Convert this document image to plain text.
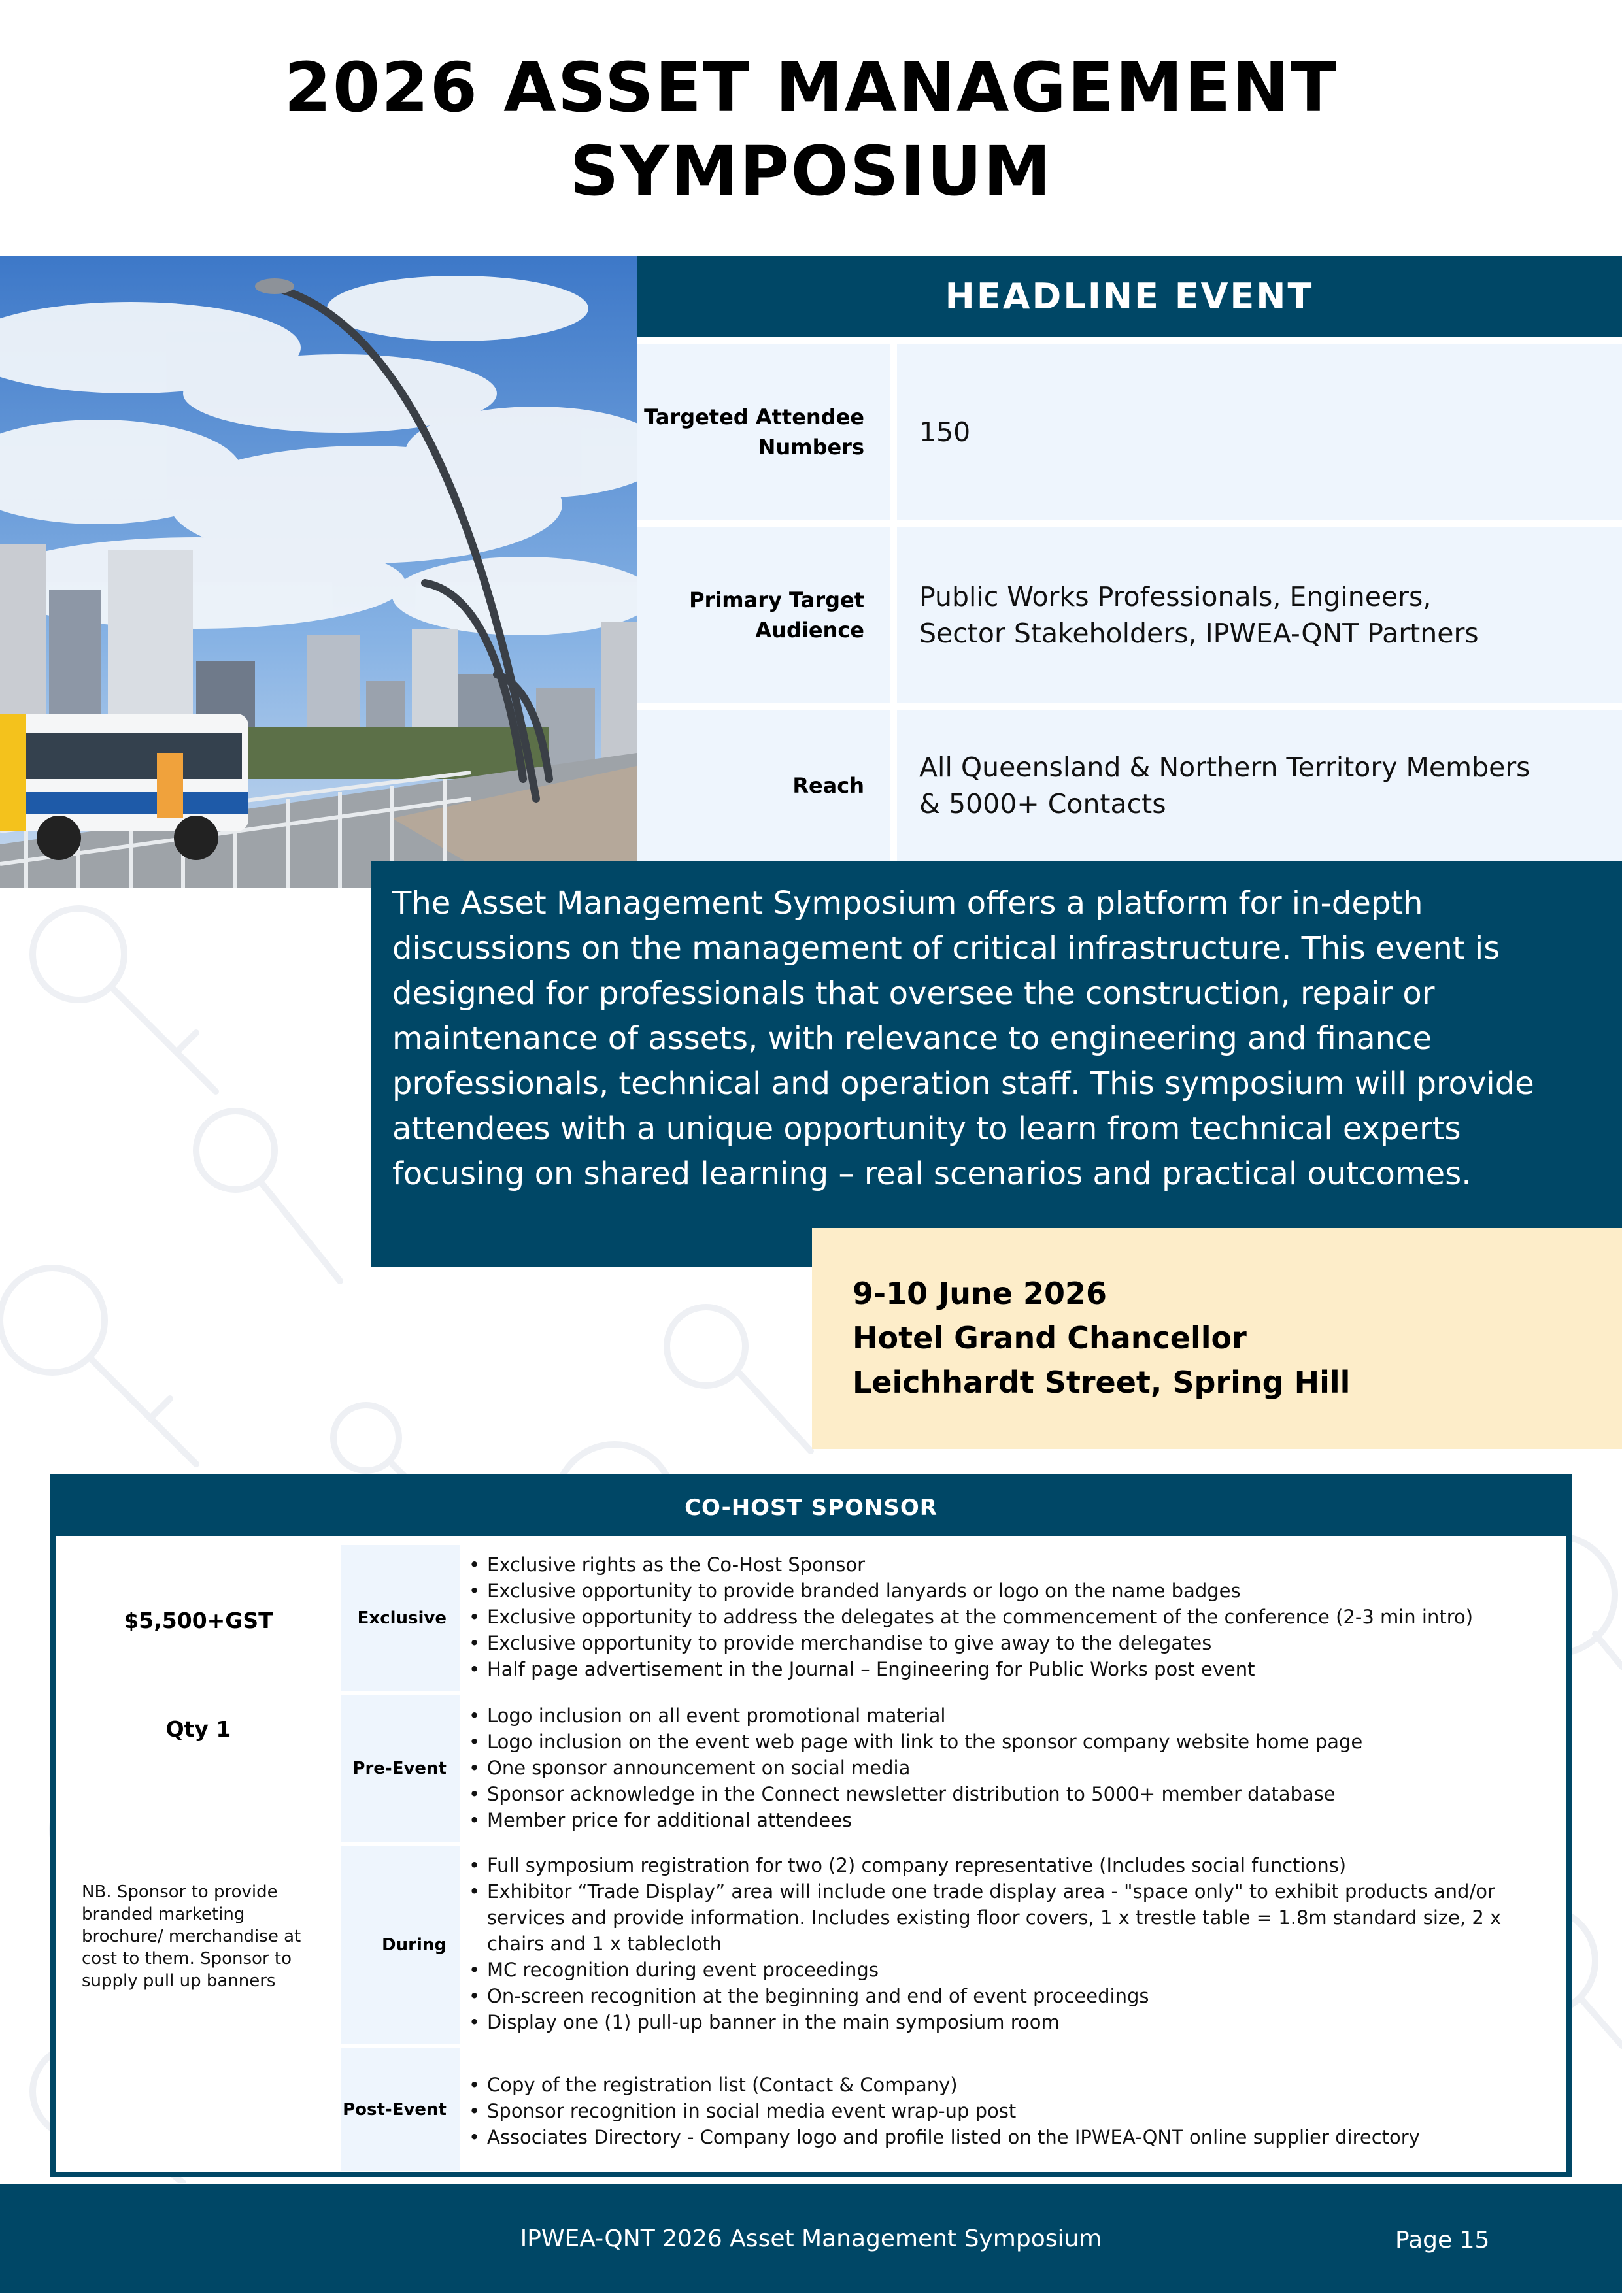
2026 ASSET MANAGEMENT
SYMPOSIUM
HEADLINE EVENT
Targeted Attendee
Numbers 150
Primary Target
Audience
Public Works Professionals, Engineers,
Sector Stakeholders, IPWEA-QNT Partners
Reach
All Queensland & Northern Territory Members
& 5000+ Contacts
The Asset Management Symposium offers a platform for in-depth
discussions on the management of critical infrastructure. This event is
designed for professionals that oversee the construction, repair or
maintenance of assets, with relevance to engineering and finance
professionals, technical and operation staff. This symposium will provide
attendees with a unique opportunity to learn from technical experts
focusing on shared learning – real scenarios and practical outcomes.
9-10 June 2026
Hotel Grand Chancellor
Leichhardt Street, Spring Hill
CO-HOST SPONSOR
$5,500+GST
Qty 1
NB. Sponsor to provide
branded marketing
brochure/ merchandise at
cost to them. Sponsor to
supply pull up banners
Exclusive
• Exclusive rights as the Co-Host Sponsor
• Exclusive opportunity to provide branded lanyards or logo on the name badges
• Exclusive opportunity to address the delegates at the commencement of the conference (2-3 min intro)
• Exclusive opportunity to provide merchandise to give away to the delegates
• Half page advertisement in the Journal – Engineering for Public Works post event
Pre-Event
• Logo inclusion on all event promotional material
• Logo inclusion on the event web page with link to the sponsor company website home page
• One sponsor announcement on social media
• Sponsor acknowledge in the Connect newsletter distribution to 5000+ member database
• Member price for additional attendees
During
• Full symposium registration for two (2) company representative (Includes social functions)
• Exhibitor “Trade Display” area will include one trade display area - "space only" to exhibit products and/or services and provide information. Includes existing floor covers, 1 x trestle table = 1.8m standard size, 2 x chairs and 1 x tablecloth
• MC recognition during event proceedings
• On-screen recognition at the beginning and end of event proceedings
• Display one (1) pull-up banner in the main symposium room
Post-Event
• Copy of the registration list (Contact & Company)
• Sponsor recognition in social media event wrap-up post
• Associates Directory - Company logo and profile listed on the IPWEA-QNT online supplier directory
IPWEA-QNT 2026 Asset Management Symposium	Page 15
